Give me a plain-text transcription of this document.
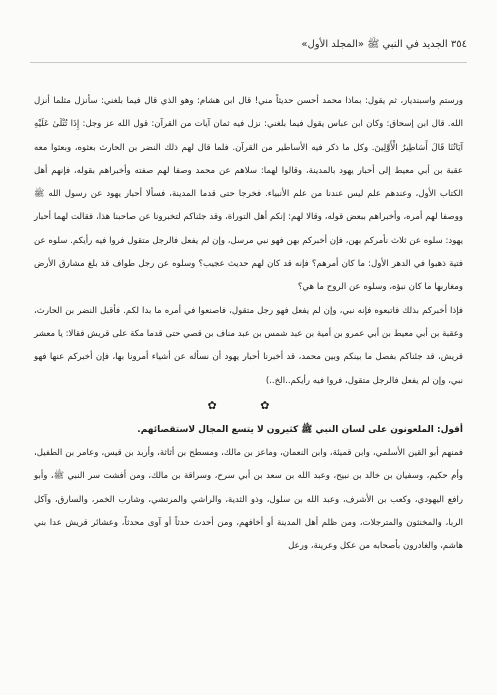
٣٥٤ الجديد في النبي ﷺ «المجلد الأول»

ورستم واسبنديار، ثم يقول: بماذا محمد أحسن حديثاً مني! قال ابن هشام: وهو الذي قال فيما بلغني: سأنزل مثلما أنزل الله. قال ابن إسحاق: وكان ابن عباس يقول فيما بلغني: نزل فيه ثمان آيات من القرآن: قول الله عز وجل: إِذَا تُتْلَىٰ عَلَيْهِ آيَاتُنَا قَالَ أَسَاطِيرُ الْأَوَّلِينَ. وكل ما ذكر فيه الأساطير من القرآن. فلما قال لهم ذلك النضر بن الحارث بعثوه، وبعثوا معه عقبة بن أبي معيط إلى أحبار يهود بالمدينة، وقالوا لهما: سلاهم عن محمد وصفا لهم صفته وأخبراهم بقوله، فإنهم أهل الكتاب الأول، وعندهم علم ليس عندنا من علم الأنبياء. فخرجا حتى قدما المدينة، فسألا أحبار يهود عن رسول الله ﷺ ووصفا لهم أمره، وأخبراهم ببعض قوله، وقالا لهم: إنكم أهل التوراة، وقد جئناكم لتخبرونا عن صاحبنا هذا، فقالت لهما أحبار يهود: سلوه عن ثلاث نأمركم بهن، فإن أخبركم بهن فهو نبي مرسل، وإن لم يفعل فالرجل متقول فروا فيه رأيكم. سلوه عن فتية ذهبوا في الدهر الأول: ما كان أمرهم؟ فإنه قد كان لهم حديث عجيب؟ وسلوه عن رجل طواف قد بلغ مشارق الأرض ومغاربها ما كان نبؤه، وسلوه عن الروح ما هي؟

فإذا أخبركم بذلك فاتبعوه فإنه نبي، وإن لم يفعل فهو رجل متقول، فاصنعوا في أمره ما بدا لكم. فأقبل النضر بن الحارث، وعقبة بن أبي معيط بن أبي عمرو بن أمية بن عبد شمس بن عبد مناف بن قصي حتى قدما مكة على قريش فقالا: يا معشر قريش، قد جئناكم بفصل ما بينكم وبين محمد، قد أخبرنا أحبار يهود أن نسأله عن أشياء أمرونا بها، فإن أخبركم عنها فهو نبي، وإن لم يفعل فالرجل متقول، فروا فيه رأيكم..الخ..)

✿ ✿

أقول: الملعونون على لسان النبي ﷺ كثيرون لا يتسع المجال لاستقصائهم.

فمنهم أبو القين الأسلمي، وابن قميئة، وابن النعمان، وماعز بن مالك، ومسطح بن أثاثة، وأربد بن قيس، وعامر بن الطفيل، وأم حكيم، وسفيان بن خالد بن نبيح، وعبد الله بن سعد بن أبي سرح، وسراقة بن مالك، ومن أفشت سر النبي ﷺ، وأبو رافع اليهودي، وكعب بن الأشرف، وعبد الله بن سلول، وذو الثدية، والراشي والمرتشي، وشارب الخمر، والسارق، وآكل الربا، والمخنثون والمترجلات، ومن ظلم أهل المدينة أو أخافهم، ومن أحدث حدثاً أو آوى محدثاً، وعشائر قريش عدا بني هاشم، والغادرون بأصحابه من عكل وعرينة، ورعل
